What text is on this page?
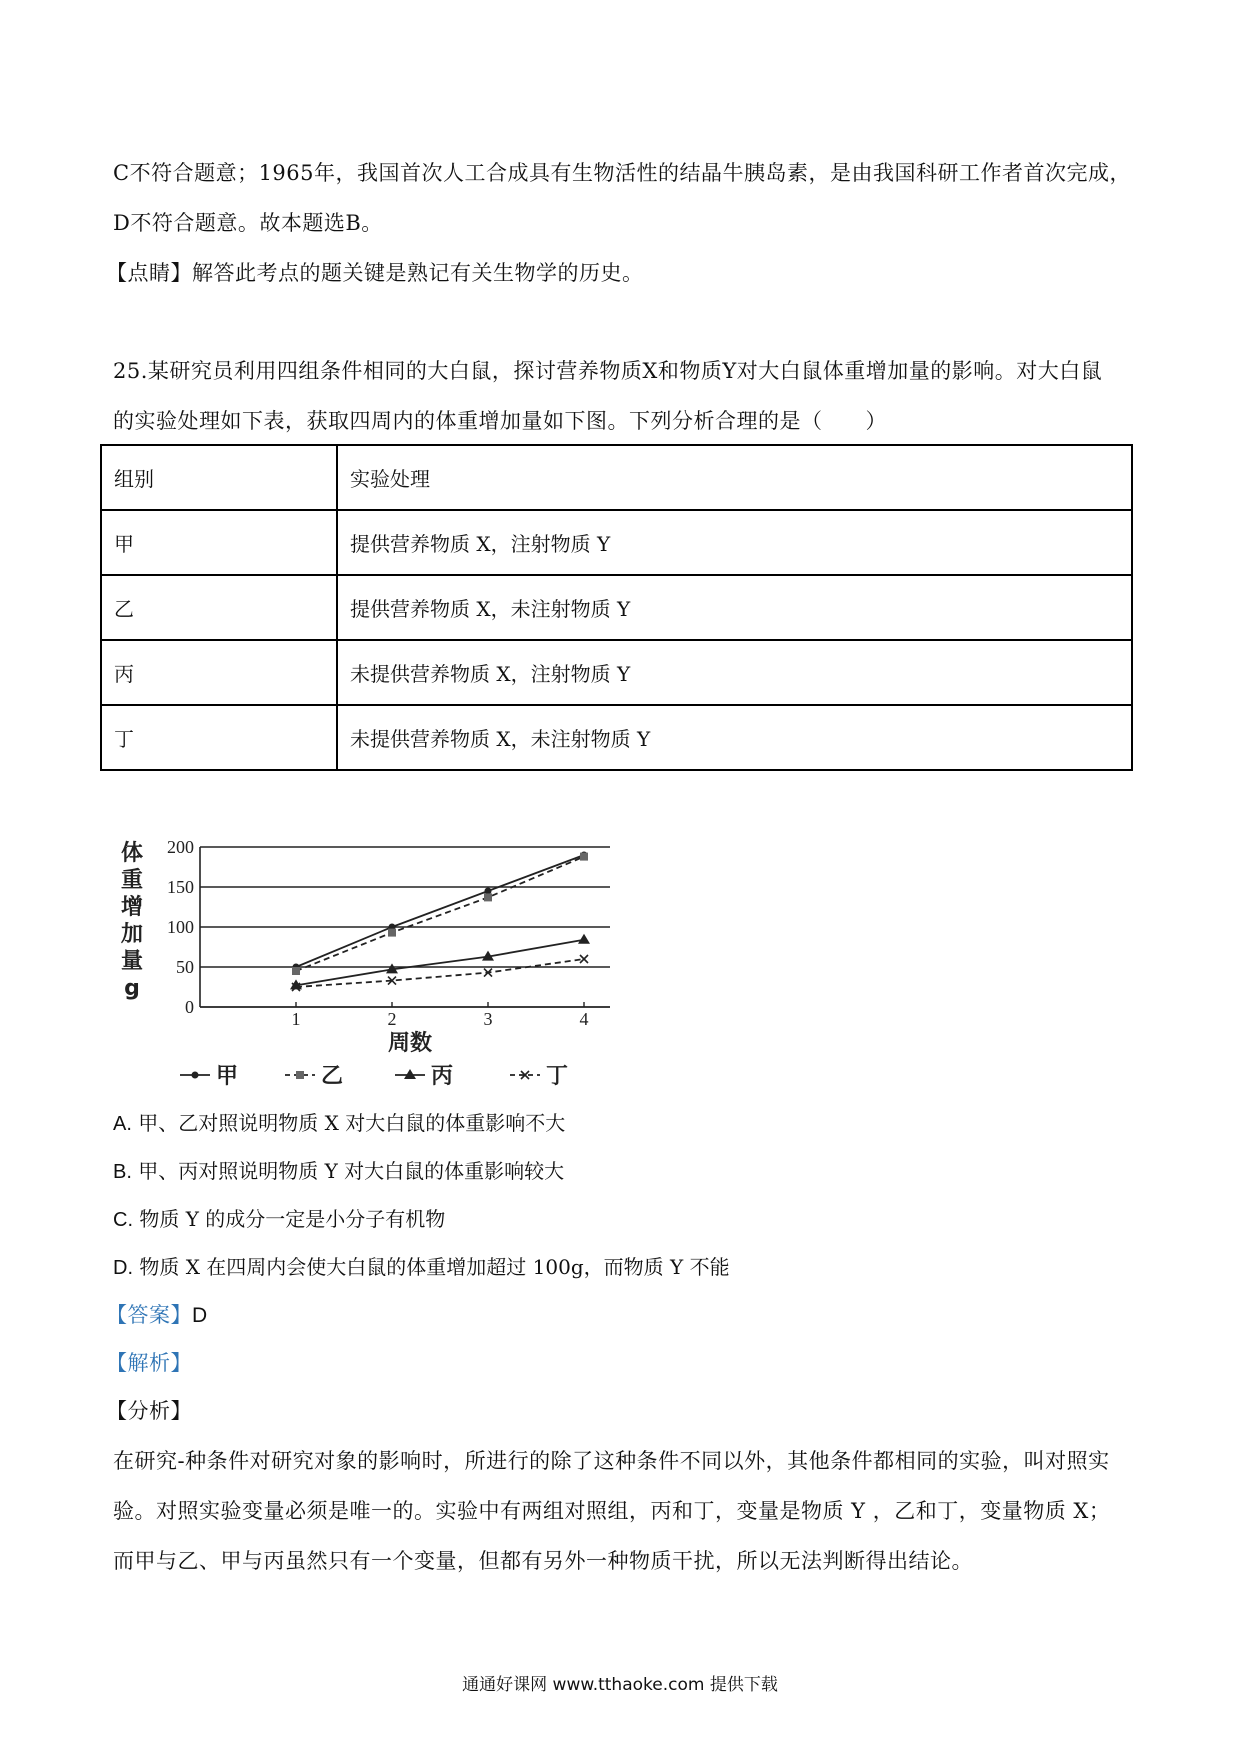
C不符合题意；1965年，我国首次人工合成具有生物活性的结晶牛胰岛素，是由我国科研工作者首次完成，
D不符合题意。故本题选B。
【点睛】解答此考点的题关键是熟记有关生物学的历史。
25.某研究员利用四组条件相同的大白鼠，探讨营养物质X和物质Y对大白鼠体重增加量的影响。对大白鼠
的实验处理如下表，获取四周内的体重增加量如下图。下列分析合理的是（　　）
组别	实验处理
甲	提供营养物质 X，注射物质 Y
乙	提供营养物质 X，未注射物质 Y
丙	未提供营养物质 X，注射物质 Y
丁	未提供营养物质 X，未注射物质 Y
0
50
100
150
200
1	2	3	4
体
重
增
加
量
g
周数
甲	乙	丙	丁
A. 甲、乙对照说明物质 X 对大白鼠的体重影响不大
B. 甲、丙对照说明物质 Y 对大白鼠的体重影响较大
C. 物质 Y 的成分一定是小分子有机物
D. 物质 X 在四周内会使大白鼠的体重增加超过 100g，而物质 Y 不能
【答案】D
【解析】
【分析】
在研究-种条件对研究对象的影响时，所进行的除了这种条件不同以外，其他条件都相同的实验，叫对照实
验。对照实验变量必须是唯一的。实验中有两组对照组，丙和丁，变量是物质 Y ，乙和丁，变量物质 X；
而甲与乙、甲与丙虽然只有一个变量，但都有另外一种物质干扰，所以无法判断得出结论。
通通好课网 www.tthaoke.com 提供下载
